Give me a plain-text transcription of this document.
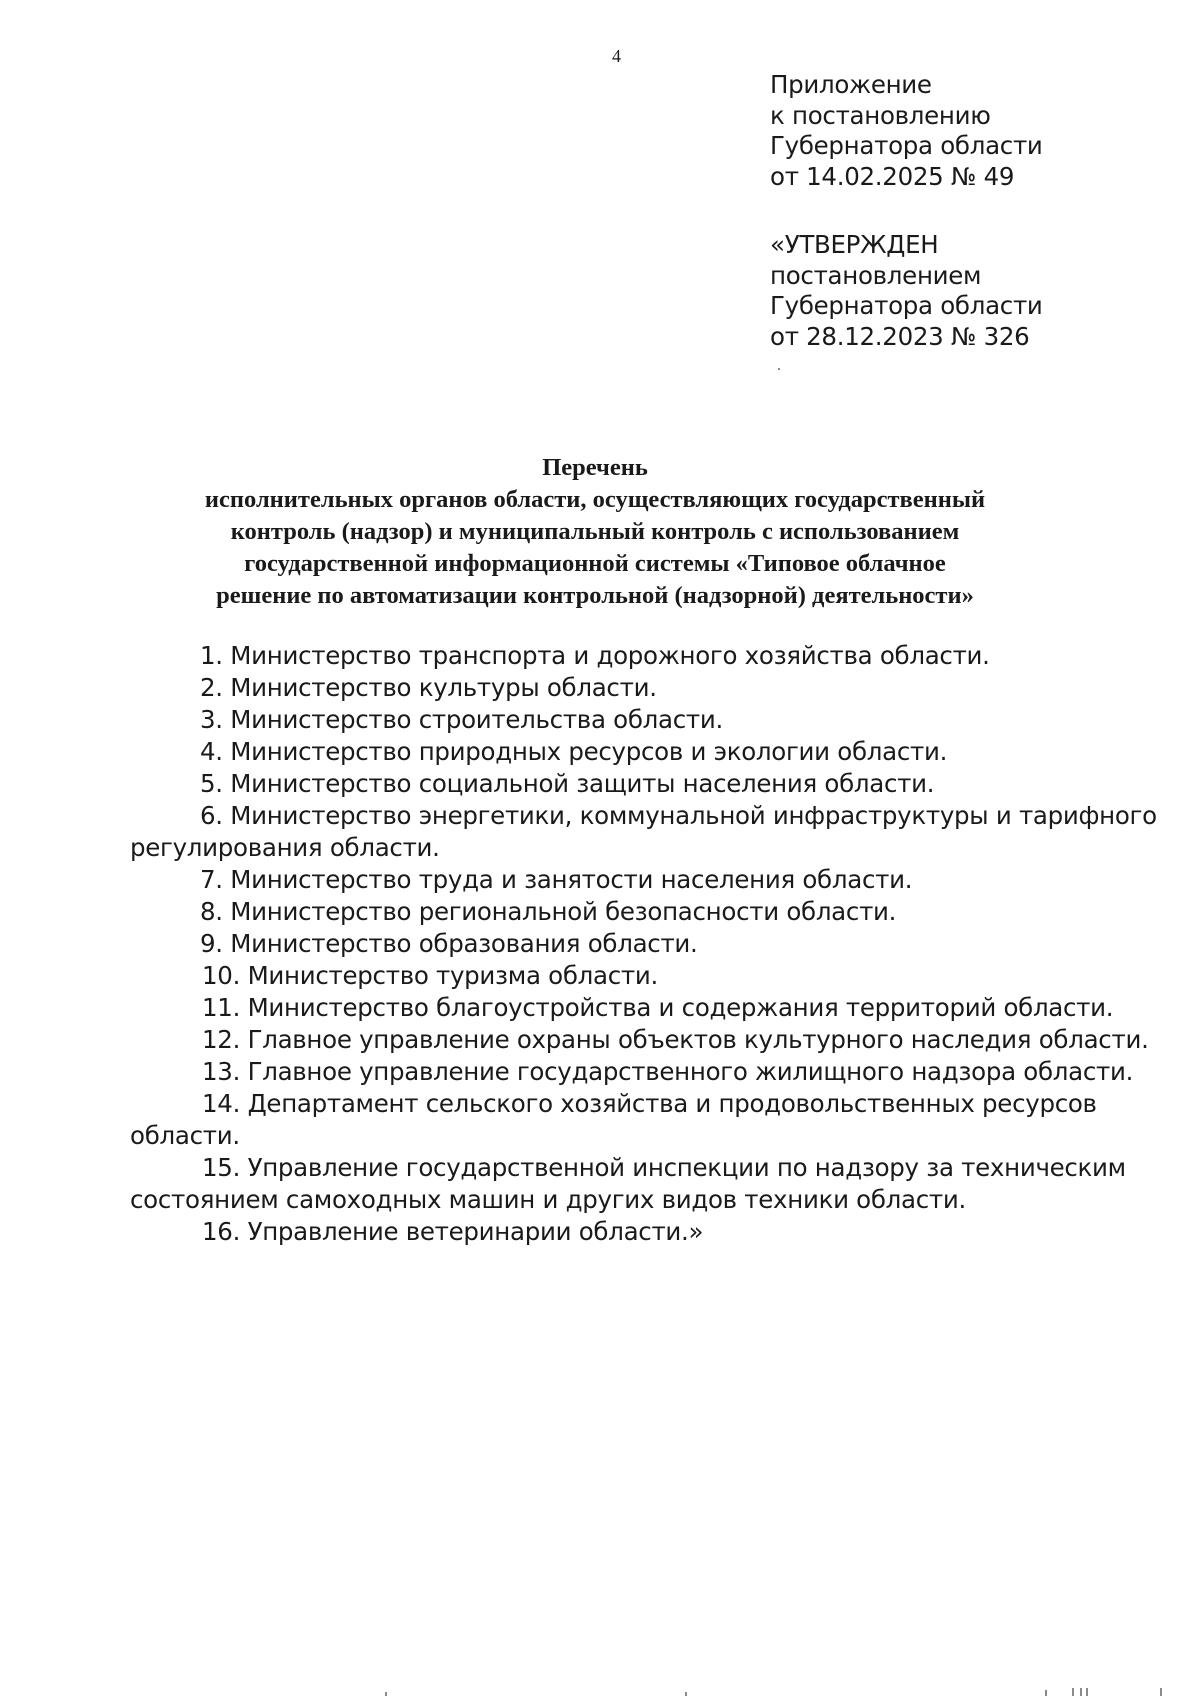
4
Приложение
к постановлению
Губернатора области
от 14.02.2025 № 49
«УТВЕРЖДЕН
постановлением
Губернатора области
от 28.12.2023 № 326
Перечень
исполнительных органов области, осуществляющих государственный
контроль (надзор) и муниципальный контроль с использованием
государственной информационной системы «Типовое облачное
решение по автоматизации контрольной (надзорной) деятельности»
1. Министерство транспорта и дорожного хозяйства области.
2. Министерство культуры области.
3. Министерство строительства области.
4. Министерство природных ресурсов и экологии области.
5. Министерство социальной защиты населения области.
6. Министерство энергетики, коммунальной инфраструктуры и тарифного
регулирования области.
7. Министерство труда и занятости населения области.
8. Министерство региональной безопасности области.
9. Министерство образования области.
10. Министерство туризма области.
11. Министерство благоустройства и содержания территорий области.
12. Главное управление охраны объектов культурного наследия области.
13. Главное управление государственного жилищного надзора области.
14. Департамент сельского хозяйства и продовольственных ресурсов
области.
15. Управление государственной инспекции по надзору за техническим
состоянием самоходных машин и других видов техники области.
16. Управление ветеринарии области.»
